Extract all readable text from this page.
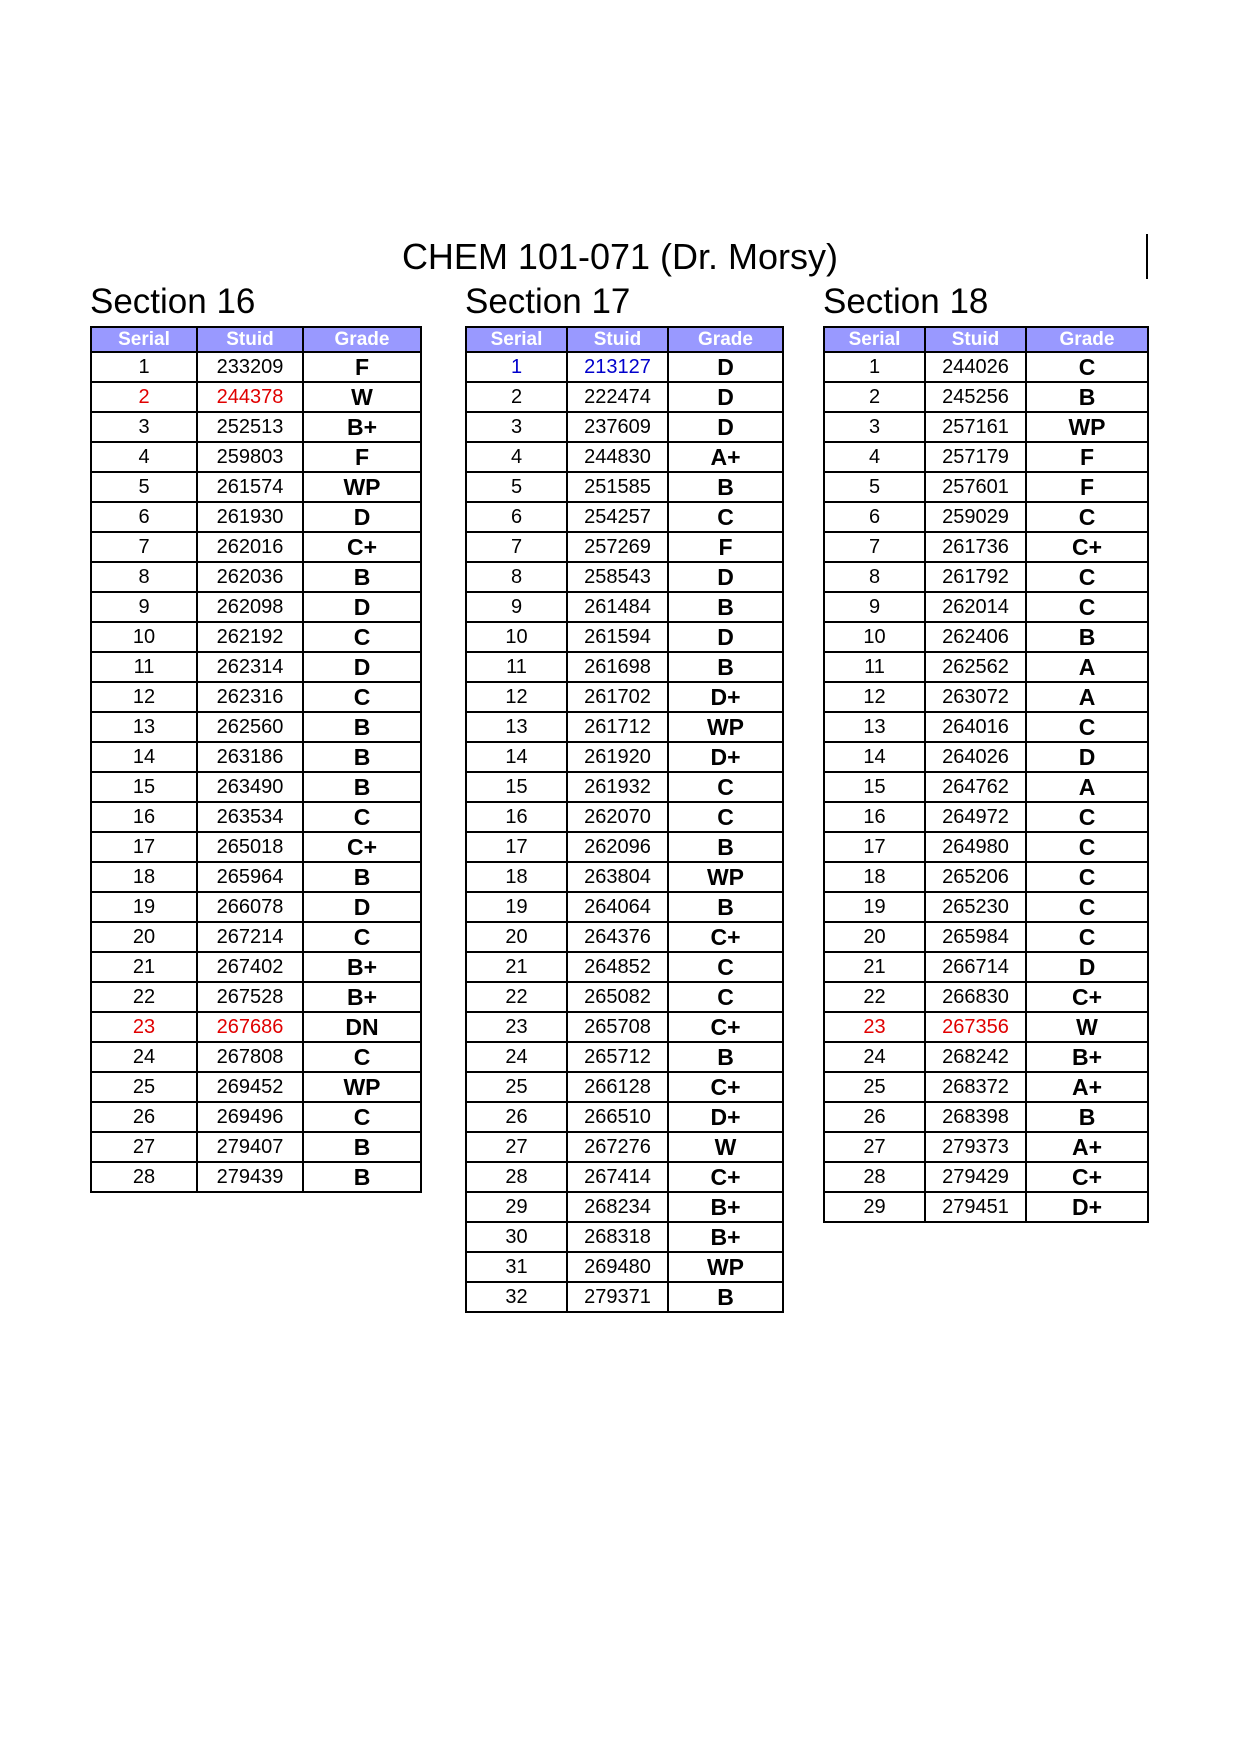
CHEM 101-071 (Dr. Morsy)
Section 16
Serial	Stuid	Grade
1	233209	F
2	244378	W
3	252513	B+
4	259803	F
5	261574	WP
6	261930	D
7	262016	C+
8	262036	B
9	262098	D
10	262192	C
11	262314	D
12	262316	C
13	262560	B
14	263186	B
15	263490	B
16	263534	C
17	265018	C+
18	265964	B
19	266078	D
20	267214	C
21	267402	B+
22	267528	B+
23	267686	DN
24	267808	C
25	269452	WP
26	269496	C
27	279407	B
28	279439	B
Section 17
Serial	Stuid	Grade
1	213127	D
2	222474	D
3	237609	D
4	244830	A+
5	251585	B
6	254257	C
7	257269	F
8	258543	D
9	261484	B
10	261594	D
11	261698	B
12	261702	D+
13	261712	WP
14	261920	D+
15	261932	C
16	262070	C
17	262096	B
18	263804	WP
19	264064	B
20	264376	C+
21	264852	C
22	265082	C
23	265708	C+
24	265712	B
25	266128	C+
26	266510	D+
27	267276	W
28	267414	C+
29	268234	B+
30	268318	B+
31	269480	WP
32	279371	B
Section 18
Serial	Stuid	Grade
1	244026	C
2	245256	B
3	257161	WP
4	257179	F
5	257601	F
6	259029	C
7	261736	C+
8	261792	C
9	262014	C
10	262406	B
11	262562	A
12	263072	A
13	264016	C
14	264026	D
15	264762	A
16	264972	C
17	264980	C
18	265206	C
19	265230	C
20	265984	C
21	266714	D
22	266830	C+
23	267356	W
24	268242	B+
25	268372	A+
26	268398	B
27	279373	A+
28	279429	C+
29	279451	D+
